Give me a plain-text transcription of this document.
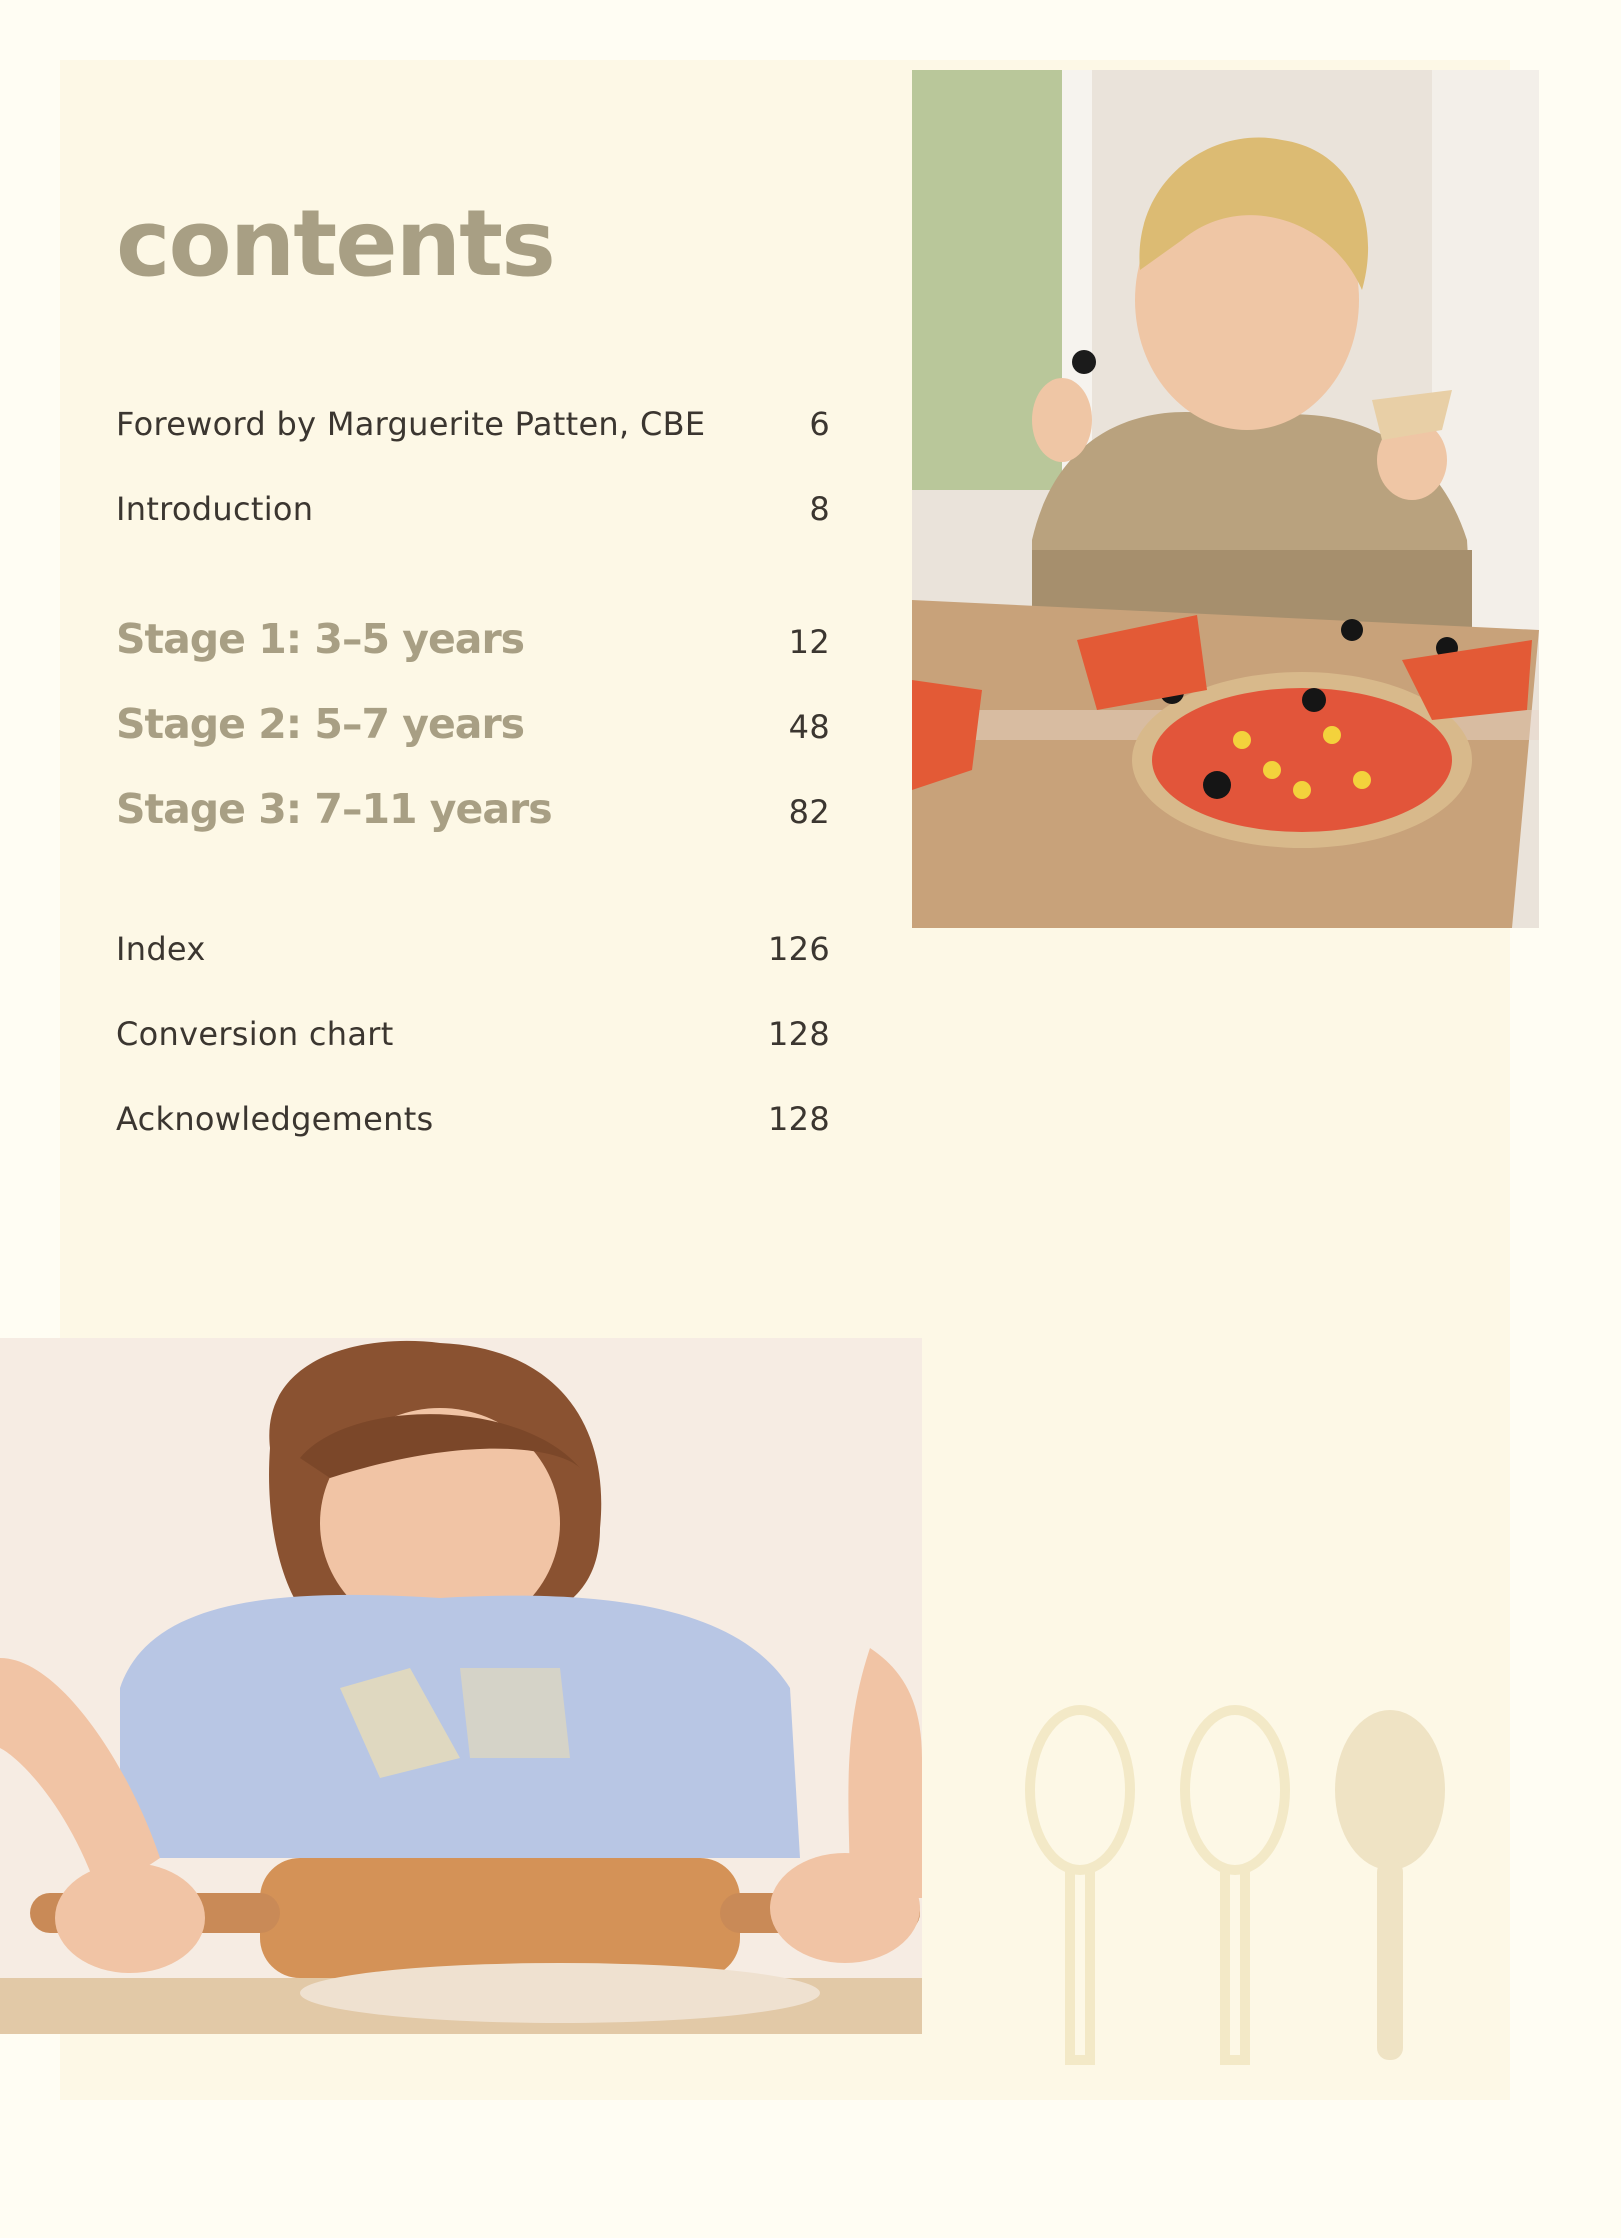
contents
Foreword by Marguerite Patten, CBE	6
Introduction	8
Stage 1: 3–5 years	12
Stage 2: 5–7 years	48
Stage 3: 7–11 years	82
Index	126
Conversion chart	128
Acknowledgements	128
